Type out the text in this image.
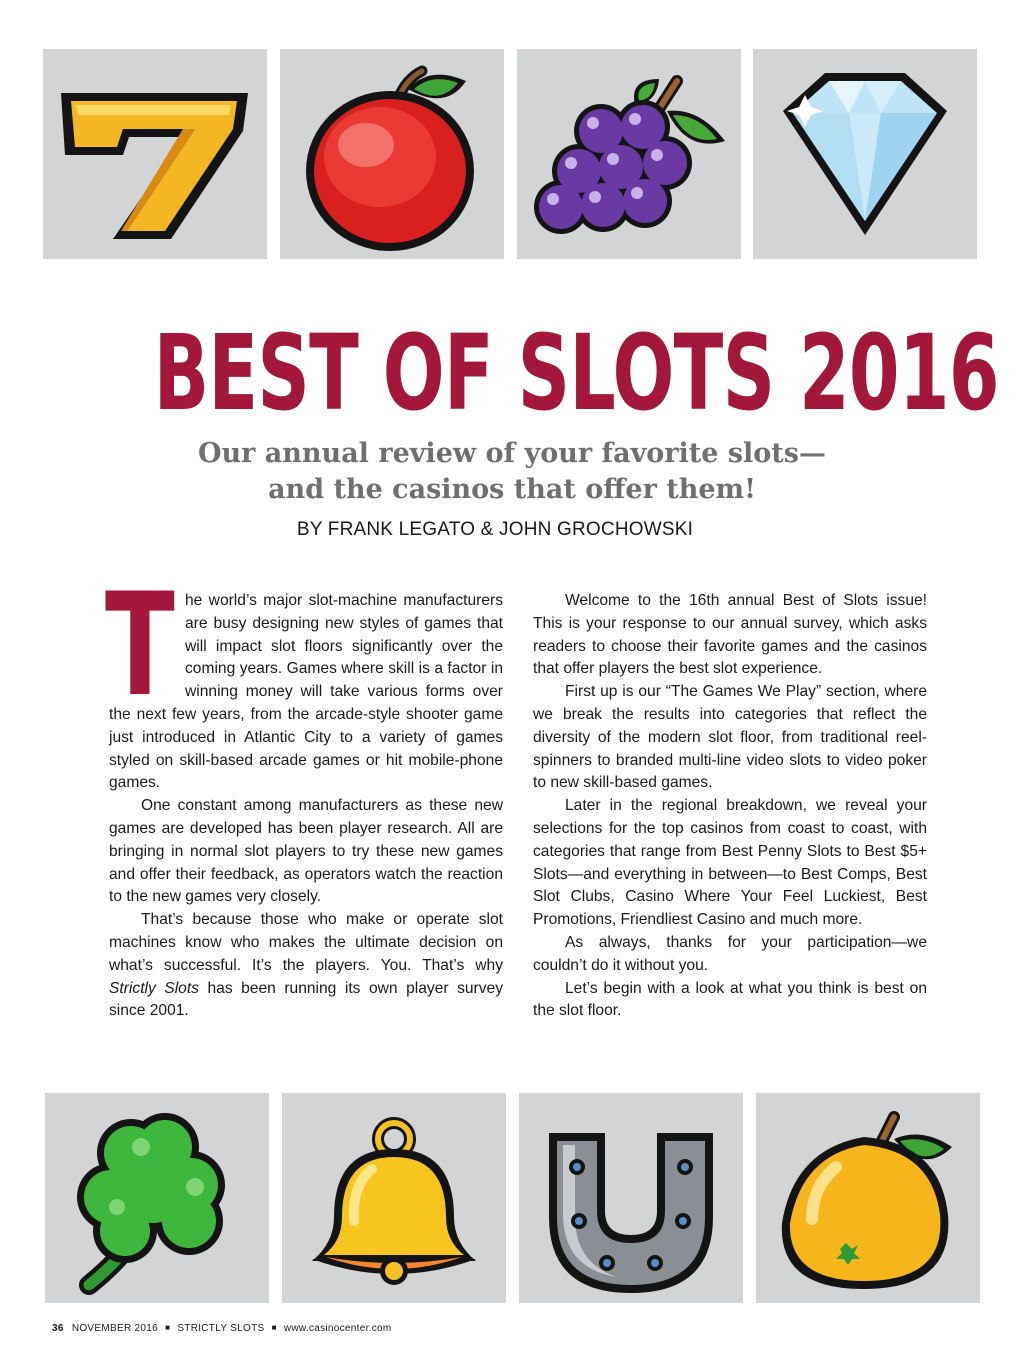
BEST OF SLOTS 2016
Our annual review of your favorite slots—
and the casinos that offer them!

BY FRANK LEGATO & JOHN GROCHOWSKI

The world’s major slot-machine manufacturers are busy designing new styles of games that will impact slot floors significantly over the coming years. Games where skill is a factor in winning money will take various forms over the next few years, from the arcade-style shooter game just introduced in Atlantic City to a variety of games styled on skill-based arcade games or hit mobile-phone games.

One constant among manufacturers as these new games are developed has been player research. All are bringing in normal slot players to try these new games and offer their feedback, as operators watch the reaction to the new games very closely.

That’s because those who make or operate slot machines know who makes the ultimate decision on what’s successful. It’s the players. You. That’s why Strictly Slots has been running its own player survey since 2001.

Welcome to the 16th annual Best of Slots issue! This is your response to our annual survey, which asks readers to choose their favorite games and the casinos that offer players the best slot experience.

First up is our “The Games We Play” section, where we break the results into categories that reflect the diversity of the modern slot floor, from traditional reel-spinners to branded multi-line video slots to video poker to new skill-based games.

Later in the regional breakdown, we reveal your selections for the top casinos from coast to coast, with categories that range from Best Penny Slots to Best $5+ Slots—and everything in between—to Best Comps, Best Slot Clubs, Casino Where Your Feel Luckiest, Best Promotions, Friendliest Casino and much more.

As always, thanks for your participation—we couldn’t do it without you.

Let’s begin with a look at what you think is best on the slot floor.

36 NOVEMBER 2016 ■ STRICTLY SLOTS ■ www.casinocenter.com
